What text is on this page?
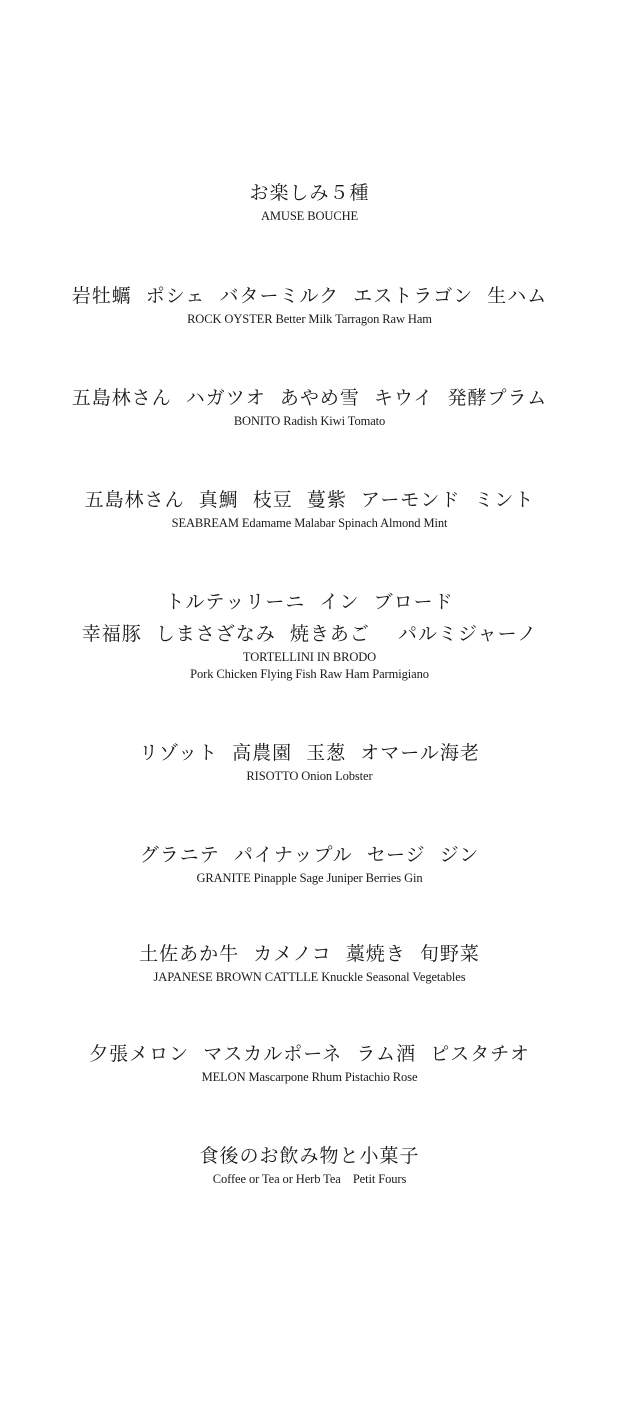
お楽しみ５種
AMUSE BOUCHE
岩牡蠣  ポシェ  バターミルク  エストラゴン  生ハム
ROCK OYSTER Better Milk Tarragon Raw Ham
五島林さん  ハガツオ  あやめ雪  キウイ  発酵プラム
BONITO Radish Kiwi Tomato
五島林さん  真鯛  枝豆  蔓紫  アーモンド  ミント
SEABREAM Edamame Malabar Spinach Almond Mint
トルテッリーニ  イン  ブロード
幸福豚  しまさざなみ  焼きあご    パルミジャーノ
TORTELLINI IN BRODO
Pork Chicken Flying Fish Raw Ham Parmigiano
リゾット  高農園  玉葱  オマール海老
RISOTTO Onion Lobster
グラニテ  パイナップル  セージ  ジン
GRANITE Pinapple Sage Juniper Berries Gin
土佐あか牛  カメノコ  藁焼き  旬野菜
JAPANESE BROWN CATTLLE Knuckle Seasonal Vegetables
夕張メロン  マスカルポーネ  ラム酒  ピスタチオ
MELON Mascarpone Rhum Pistachio Rose
食後のお飲み物と小菓子
Coffee or Tea or Herb Tea    Petit Fours
